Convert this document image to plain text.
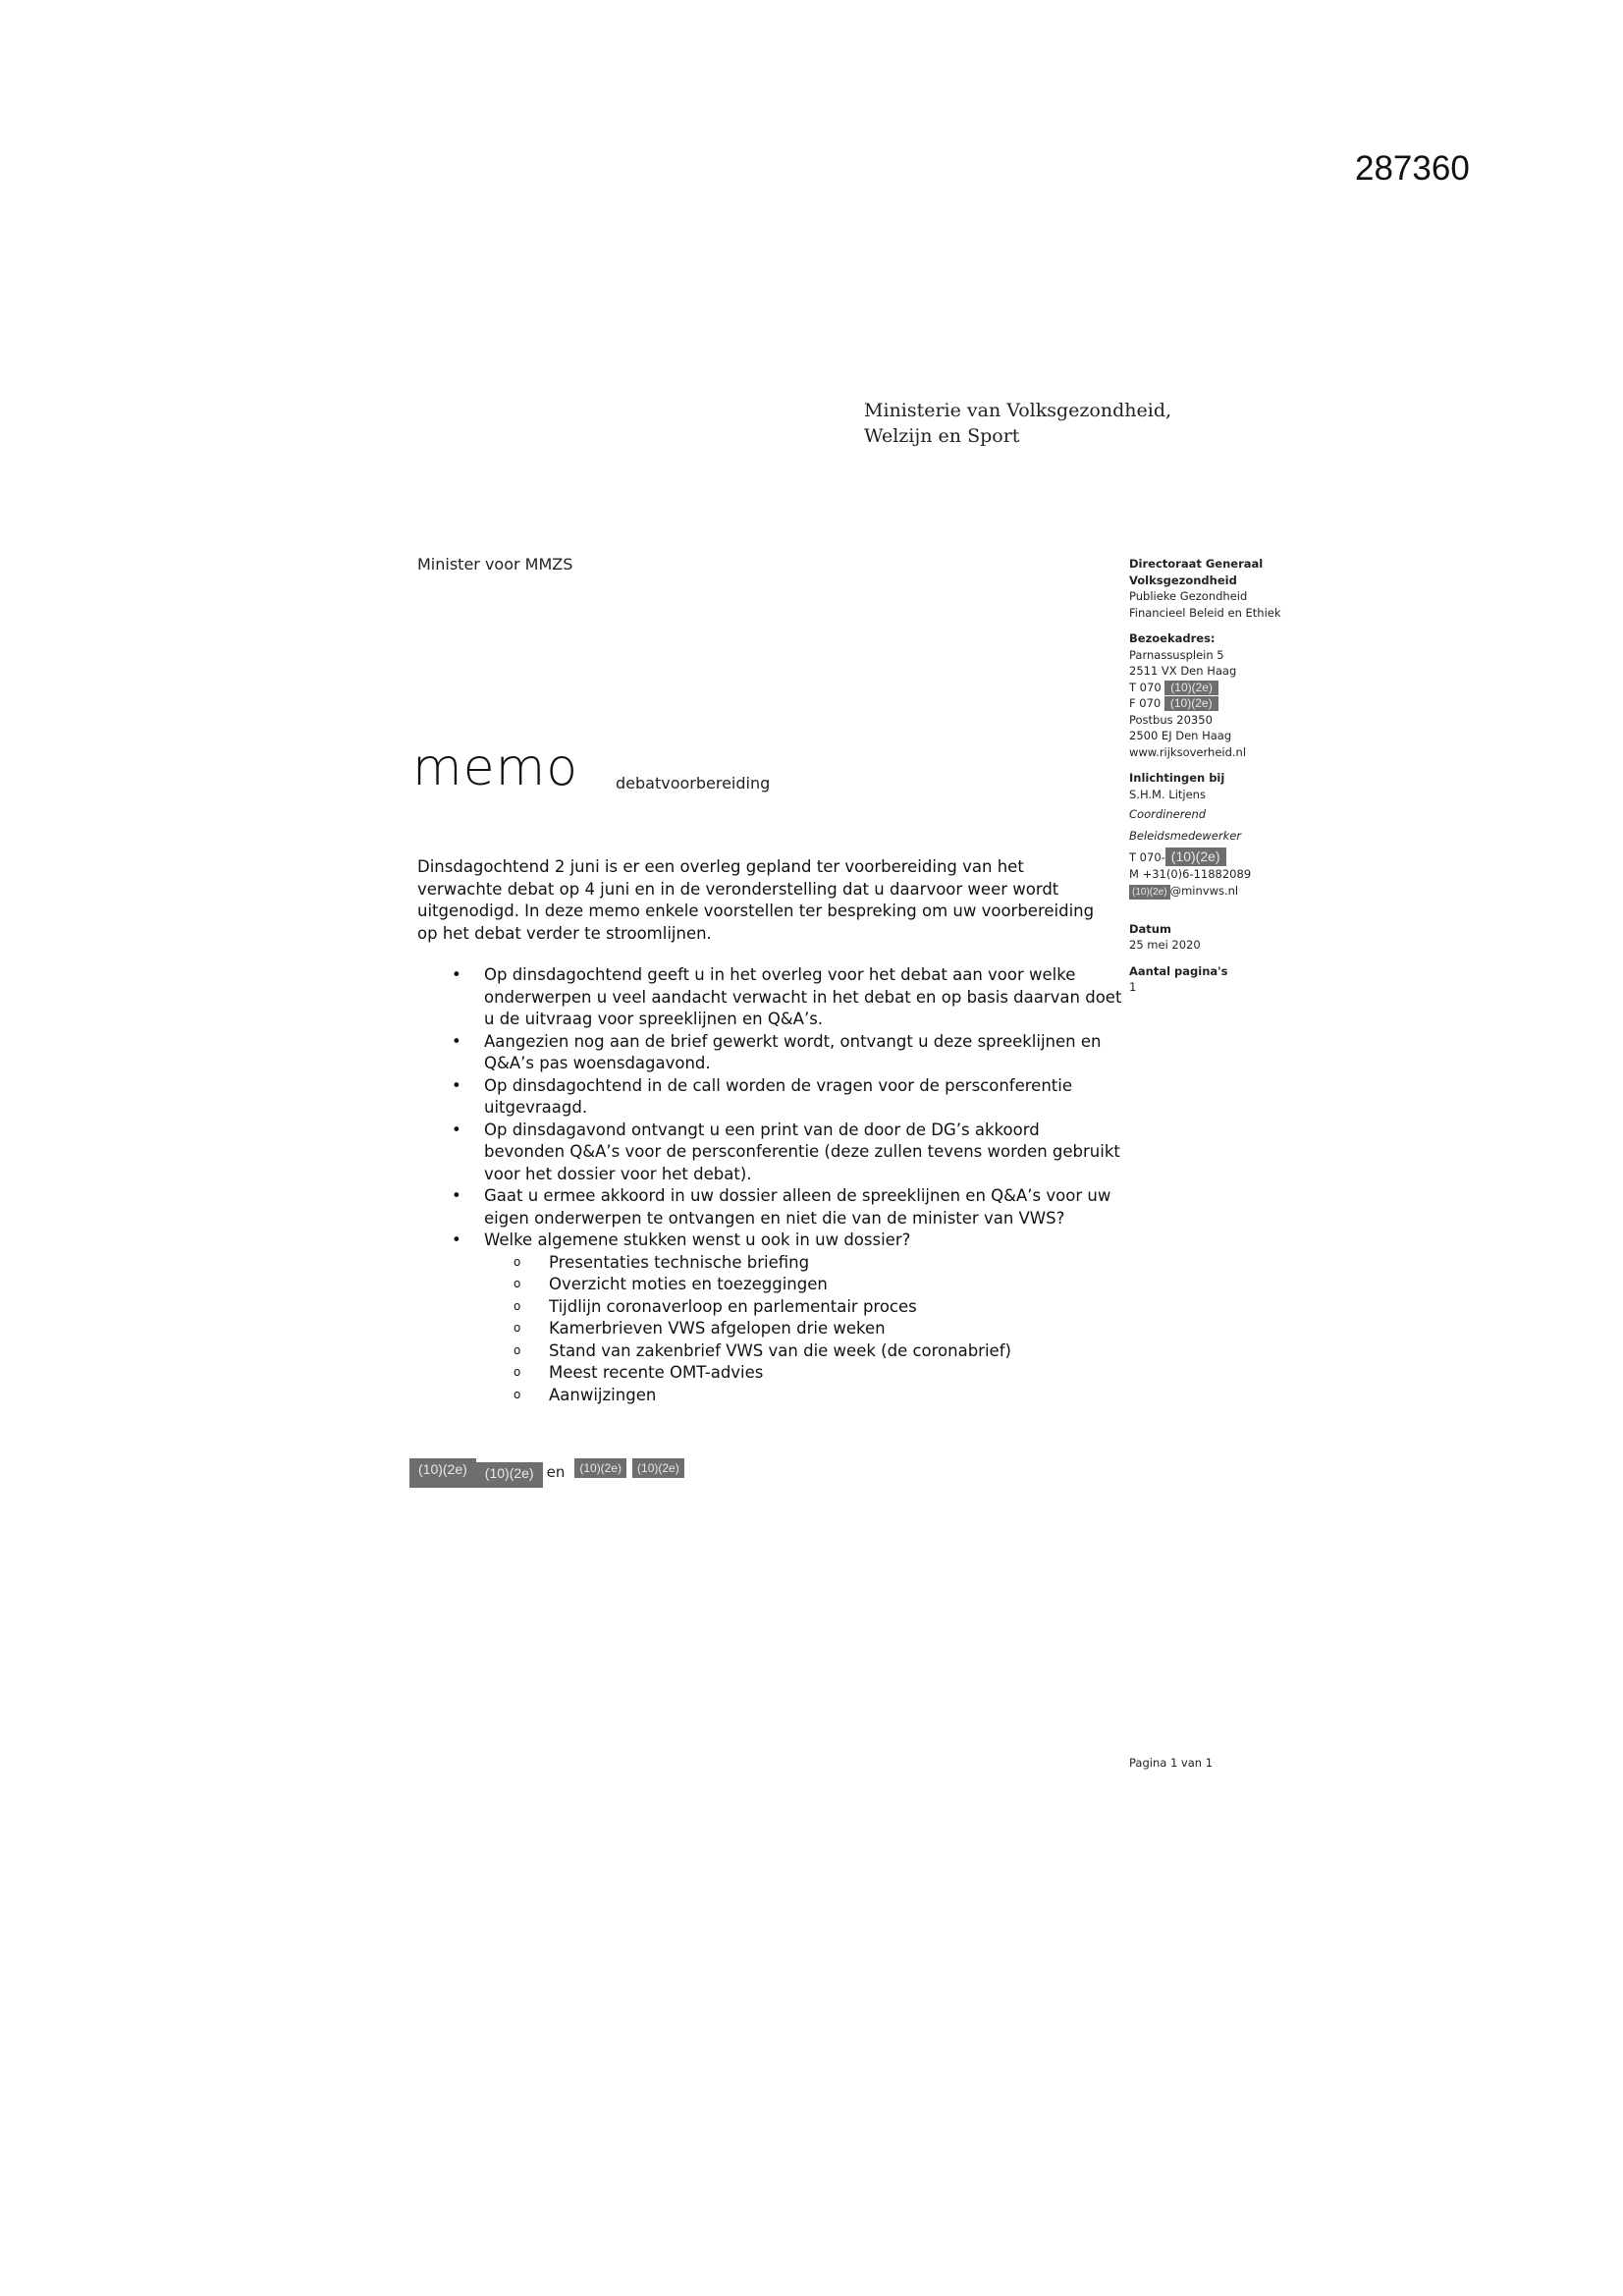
287360
Ministerie van Volksgezondheid,
Welzijn en Sport
Minister voor MMZS
memo debatvoorbereiding
Dinsdagochtend 2 juni is er een overleg gepland ter voorbereiding van het verwachte debat op 4 juni en in de veronderstelling dat u daarvoor weer wordt uitgenodigd. In deze memo enkele voorstellen ter bespreking om uw voorbereiding op het debat verder te stroomlijnen.
• Op dinsdagochtend geeft u in het overleg voor het debat aan voor welke onderwerpen u veel aandacht verwacht in het debat en op basis daarvan doet u de uitvraag voor spreeklijnen en Q&A’s.
• Aangezien nog aan de brief gewerkt wordt, ontvangt u deze spreeklijnen en Q&A’s pas woensdagavond.
• Op dinsdagochtend in de call worden de vragen voor de persconferentie uitgevraagd.
• Op dinsdagavond ontvangt u een print van de door de DG’s akkoord bevonden Q&A’s voor de persconferentie (deze zullen tevens worden gebruikt voor het dossier voor het debat).
• Gaat u ermee akkoord in uw dossier alleen de spreeklijnen en Q&A’s voor uw eigen onderwerpen te ontvangen en niet die van de minister van VWS?
• Welke algemene stukken wenst u ook in uw dossier?
o Presentaties technische briefing
o Overzicht moties en toezeggingen
o Tijdlijn coronaverloop en parlementair proces
o Kamerbrieven VWS afgelopen drie weken
o Stand van zakenbrief VWS van die week (de coronabrief)
o Meest recente OMT-advies
o Aanwijzingen
(10)(2e)	(10)(2e) en	(10)(2e)	(10)(2e)
Directoraat Generaal
Volksgezondheid
Publieke Gezondheid
Financieel Beleid en Ethiek
Bezoekadres:
Parnassusplein 5
2511 VX Den Haag
T 070 (10)(2e)
F 070 (10)(2e)
Postbus 20350
2500 EJ Den Haag
www.rijksoverheid.nl
Inlichtingen bij
S.H.M. Litjens
Coordinerend
Beleidsmedewerker
T 070- (10)(2e)
M +31(0)6-11882089
(10)(2e) @minvws.nl
Datum
25 mei 2020
Aantal pagina's
1
Pagina 1 van 1
